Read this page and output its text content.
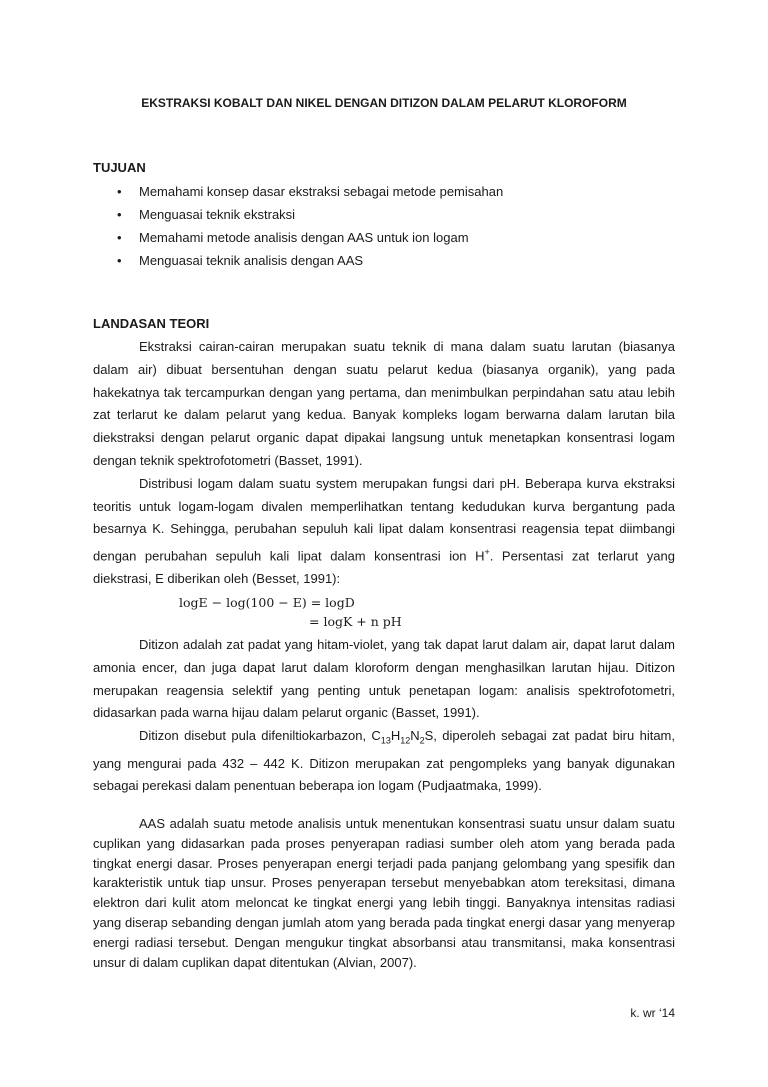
EKSTRAKSI KOBALT DAN NIKEL DENGAN DITIZON DALAM PELARUT KLOROFORM
TUJUAN
• Memahami konsep dasar ekstraksi sebagai metode pemisahan
• Menguasai teknik ekstraksi
• Memahami metode analisis dengan AAS untuk ion logam
• Menguasai teknik analisis dengan AAS
LANDASAN TEORI

Ekstraksi cairan-cairan merupakan suatu teknik di mana dalam suatu larutan (biasanya dalam air) dibuat bersentuhan dengan suatu pelarut kedua (biasanya organik), yang pada hakekatnya tak tercampurkan dengan yang pertama, dan menimbulkan perpindahan satu atau lebih zat terlarut ke dalam pelarut yang kedua. Banyak kompleks logam berwarna dalam larutan bila diekstraksi dengan pelarut organic dapat dipakai langsung untuk menetapkan konsentrasi logam dengan teknik spektrofotometri (Basset, 1991).

Distribusi logam dalam suatu system merupakan fungsi dari pH. Beberapa kurva ekstraksi teoritis untuk logam-logam divalen memperlihatkan tentang kedudukan kurva bergantung pada besarnya K. Sehingga, perubahan sepuluh kali lipat dalam konsentrasi reagensia tepat diimbangi dengan perubahan sepuluh kali lipat dalam konsentrasi ion H+. Persentasi zat terlarut yang diekstrasi, E diberikan oleh (Besset, 1991):

logE − log(100 − E) = logD
= logK + n pH

Ditizon adalah zat padat yang hitam-violet, yang tak dapat larut dalam air, dapat larut dalam amonia encer, dan juga dapat larut dalam kloroform dengan menghasilkan larutan hijau. Ditizon merupakan reagensia selektif yang penting untuk penetapan logam: analisis spektrofotometri, didasarkan pada warna hijau dalam pelarut organic (Basset, 1991).

Ditizon disebut pula difeniltiokarbazon, $C_{13}H_{12}N_2S$, diperoleh sebagai zat padat biru hitam, yang mengurai pada 432 – 442 K. Ditizon merupakan zat pengompleks yang banyak digunakan sebagai perekasi dalam penentuan beberapa ion logam (Pudjaatmaka, 1999).

AAS adalah suatu metode analisis untuk menentukan konsentrasi suatu unsur dalam suatu cuplikan yang didasarkan pada proses penyerapan radiasi sumber oleh atom yang berada pada tingkat energi dasar. Proses penyerapan energi terjadi pada panjang gelombang yang spesifik dan karakteristik untuk tiap unsur. Proses penyerapan tersebut menyebabkan atom tereksitasi, dimana elektron dari kulit atom meloncat ke tingkat energi yang lebih tinggi. Banyaknya intensitas radiasi yang diserap sebanding dengan jumlah atom yang berada pada tingkat energi dasar yang menyerap energi radiasi tersebut. Dengan mengukur tingkat absorbansi atau transmitansi, maka konsentrasi unsur di dalam cuplikan dapat ditentukan (Alvian, 2007).

k. wr ‘14
